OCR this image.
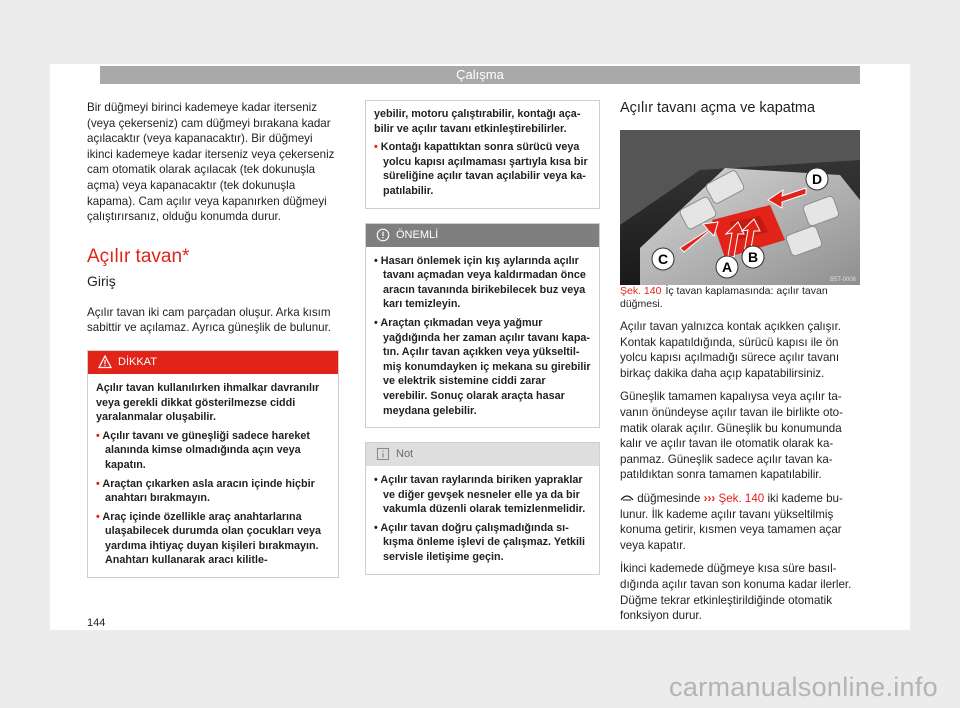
Çalışma

Bir düğmeyi birinci kademeye kadar iterseniz (veya çekerseniz) cam düğmeyi bırakana kadar açılacaktır (veya kapanacaktır). Bir düğmeyi ikinci kademeye kadar iterseniz veya çekerseniz cam otomatik olarak açılacak (tek dokunuşla açma) veya kapanacaktır (tek dokunuşla kapama). Cam açılır veya kapanırken düğmeyi çalıştırırsanız, olduğu konumda durur.

Açılır tavan*
Giriş

Açılır tavan iki cam parçadan oluşur. Arka kısım sabittir ve açılamaz. Ayrıca güneşlik de bulunur.

DİKKAT

Açılır tavan kullanılırken ihmalkar davranılır veya gerekli dikkat gösterilmezse ciddi yaralanmalar oluşabilir.

• Açılır tavanı ve güneşliği sadece hareket alanında kimse olmadığında açın veya kapatın.

• Araçtan çıkarken asla aracın içinde hiçbir anahtarı bırakmayın.

• Araç içinde özellikle araç anahtarlarına ulaşabilecek durumda olan çocukları veya yardıma ihtiyaç duyan kişileri bırakmayın. Anahtarı kullanarak aracı kilitle-

yebilir, motoru çalıştırabilir, kontağı açabilir ve açılır tavanı etkinleştirebilirler.

• Kontağı kapattıktan sonra sürücü veya yolcu kapısı açılmaması şartıyla kısa bir süreliğine açılır tavan açılabilir veya kapatılabilir.

ÖNEMLİ

• Hasarı önlemek için kış aylarında açılır tavanı açmadan veya kaldırmadan önce aracın tavanında birikebilecek buz veya karı temizleyin.

• Araçtan çıkmadan veya yağmur yağdığında her zaman açılır tavanı kapatın. Açılır tavan açıkken veya yükseltilmiş konumdayken iç mekana su girebilir ve elektrik sistemine ciddi zarar verebilir. Sonuç olarak araçta hasar meydana gelebilir.

Not

• Açılır tavan raylarında biriken yapraklar ve diğer gevşek nesneler elle ya da bir vakumla düzenli olarak temizlenmelidir.

• Açılır tavan doğru çalışmadığında sıkışma önleme işlevi de çalışmaz. Yetkili servisle iletişime geçin.

Açılır tavanı açma ve kapatma
C	A
B
D
B5T-0006

Şek. 140 İç tavan kaplamasında: açılır tavan düğmesi.

Açılır tavan yalnızca kontak açıkken çalışır. Kontak kapatıldığında, sürücü kapısı ile ön yolcu kapısı açılmadığı sürece açılır tavanı birkaç dakika daha açıp kapatabilirsiniz.

Güneşlik tamamen kapalıysa veya açılır tavanın önündeyse açılır tavan ile birlikte otomatik olarak açılır. Güneşlik bu konumunda kalır ve açılır tavan ile otomatik olarak kapanmaz. Güneşlik sadece açılır tavan kapatıldıktan sonra tamamen kapatılabilir.

düğmesinde ››› Şek. 140 iki kademe bulunur. İlk kademe açılır tavanı yükseltilmiş konuma getirir, kısmen veya tamamen açar veya kapatır.

İkinci kademede düğmeye kısa süre basıldığında açılır tavan son konuma kadar ilerler. Düğme tekrar etkinleştirildiğinde otomatik fonksiyon durur.

144
carmanualsonline.info
